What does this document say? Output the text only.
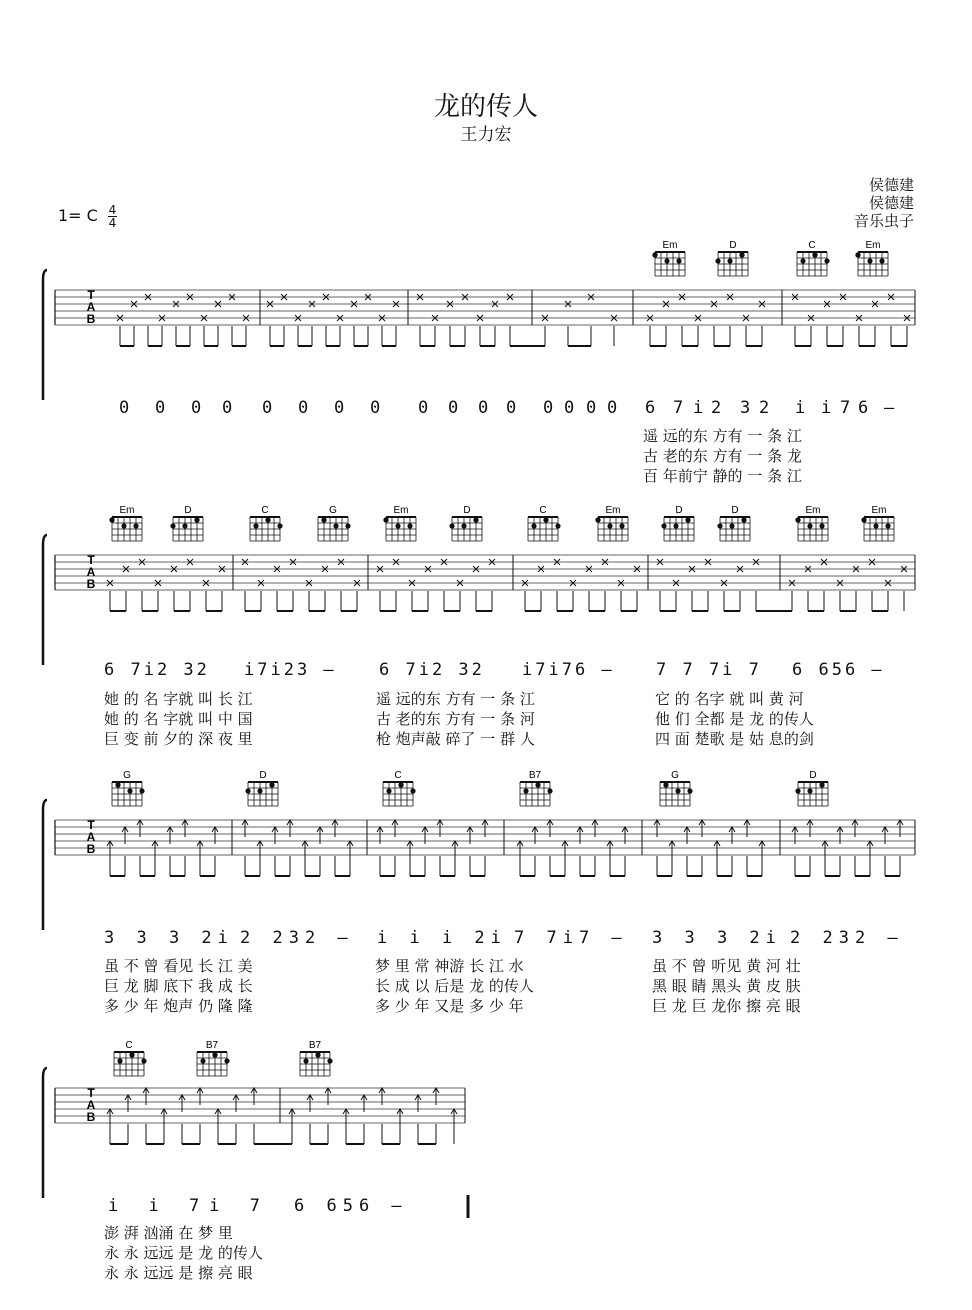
龙的传人
王力宏
侯德建
侯德建
音乐虫子
1= C 4
4
Em	D	C	Em
T
A
B
0 0 0 0 0 0 0 0 0 0 0 0 0 0 0 0 6 7 i 2 3 2 i i 7 6 –
遥 远的东 方有 一 条 江
古 老的东 方有 一 条 龙
百 年前宁 静的 一 条 江
Em	D	C	G	Em	D	C	Em	D	D	Em	Em
T
A
B
6 7i2 32 i7i23 – 6 7i2 32 i7i76 – 7 7 7i 7 6 656 –
她 的 名 字就 叫 长 江
她 的 名 字就 叫 中 国
巨 变 前 夕的 深 夜 里
遥 远的东 方有 一 条 江
古 老的东 方有 一 条 河
枪 炮声敲 碎了 一 群 人
它 的 名字 就 叫 黄 河
他 们 全都 是 龙 的传人
四 面 楚歌 是 姑 息的剑
G	D	C	B7	G	D
T
A
B
3 3 3 2i 2 232 – i i i 2i 7 7i7 – 3 3 3 2i 2 232 –
虽 不 曾 看见 长 江 美
巨 龙 脚 底下 我 成 长
多 少 年 炮声 仍 隆 隆
梦 里 常 神游 长 江 水
长 成 以 后是 龙 的传人
多 少 年 又是 多 少 年
虽 不 曾 听见 黄 河 壮
黑 眼 睛 黑头 黄 皮 肤
巨 龙 巨 龙你 擦 亮 眼
C	B7	B7
T
A
B
i i 7i 7 6 656 –
澎 湃 汹涌 在 梦 里
永 永 远远 是 龙 的传人
永 永 远远 是 擦 亮 眼
